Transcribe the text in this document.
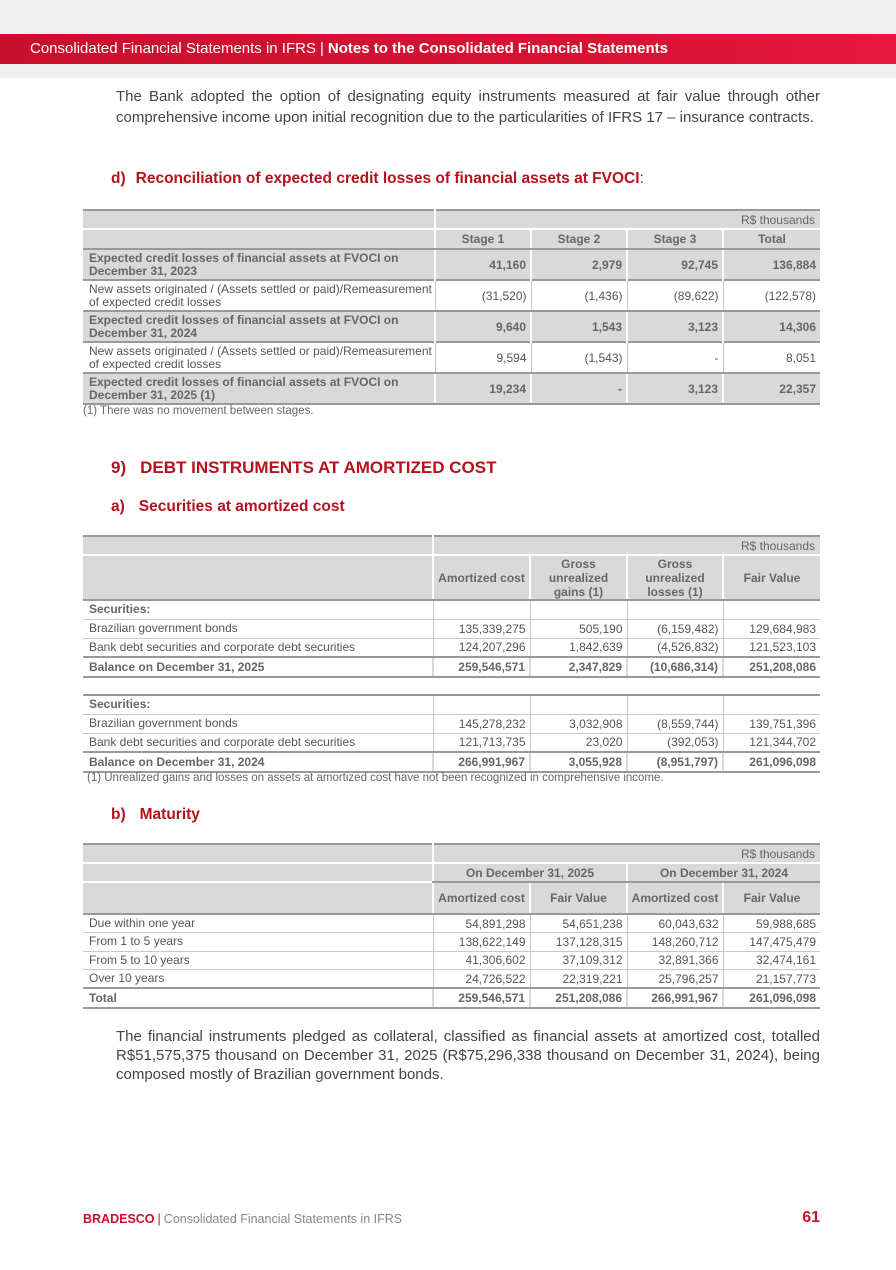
Consolidated Financial Statements in IFRS | Notes to the Consolidated Financial Statements

The Bank adopted the option of designating equity instruments measured at fair value through other comprehensive income upon initial recognition due to the particularities of IFRS 17 – insurance contracts.

d) Reconciliation of expected credit losses of financial assets at FVOCI:
	R$ thousands			
	Stage 1	Stage 2	Stage 3	Total
Expected credit losses of financial assets at FVOCI on December 31, 2023	41,160	2,979	92,745	136,884
New assets originated / (Assets settled or paid)/Remeasurement of expected credit losses	(31,520)	(1,436)	(89,622)	(122,578)
Expected credit losses of financial assets at FVOCI on December 31, 2024	9,640	1,543	3,123	14,306
New assets originated / (Assets settled or paid)/Remeasurement of expected credit losses	9,594	(1,543)	-	8,051
Expected credit losses of financial assets at FVOCI on December 31, 2025 (1)	19,234	-	3,123	22,357
(1) There was no movement between stages.
9) DEBT INSTRUMENTS AT AMORTIZED COST
a) Securities at amortized cost
	R$ thousands			
	Amortized cost	Gross unrealized gains (1)	Gross unrealized losses (1)	Fair Value
Securities:				
Brazilian government bonds	135,339,275	505,190	(6,159,482)	129,684,983
Bank debt securities and corporate debt securities	124,207,296	1,842,639	(4,526,832)	121,523,103
Balance on December 31, 2025	259,546,571	2,347,829	(10,686,314)	251,208,086

Securities:				
Brazilian government bonds	145,278,232	3,032,908	(8,559,744)	139,751,396
Bank debt securities and corporate debt securities	121,713,735	23,020	(392,053)	121,344,702
Balance on December 31, 2024	266,991,967	3,055,928	(8,951,797)	261,096,098
(1) Unrealized gains and losses on assets at amortized cost have not been recognized in comprehensive income.
b) Maturity
	R$ thousands			
	On December 31, 2025		On December 31, 2024	
	Amortized cost	Fair Value	Amortized cost	Fair Value
Due within one year	54,891,298	54,651,238	60,043,632	59,988,685
From 1 to 5 years	138,622,149	137,128,315	148,260,712	147,475,479
From 5 to 10 years	41,306,602	37,109,312	32,891,366	32,474,161
Over 10 years	24,726,522	22,319,221	25,796,257	21,157,773
Total	259,546,571	251,208,086	266,991,967	261,096,098

The financial instruments pledged as collateral, classified as financial assets at amortized cost, totalled R$51,575,375 thousand on December 31, 2025 (R$75,296,338 thousand on December 31, 2024), being composed mostly of Brazilian government bonds.

BRADESCO | Consolidated Financial Statements in IFRS	61
